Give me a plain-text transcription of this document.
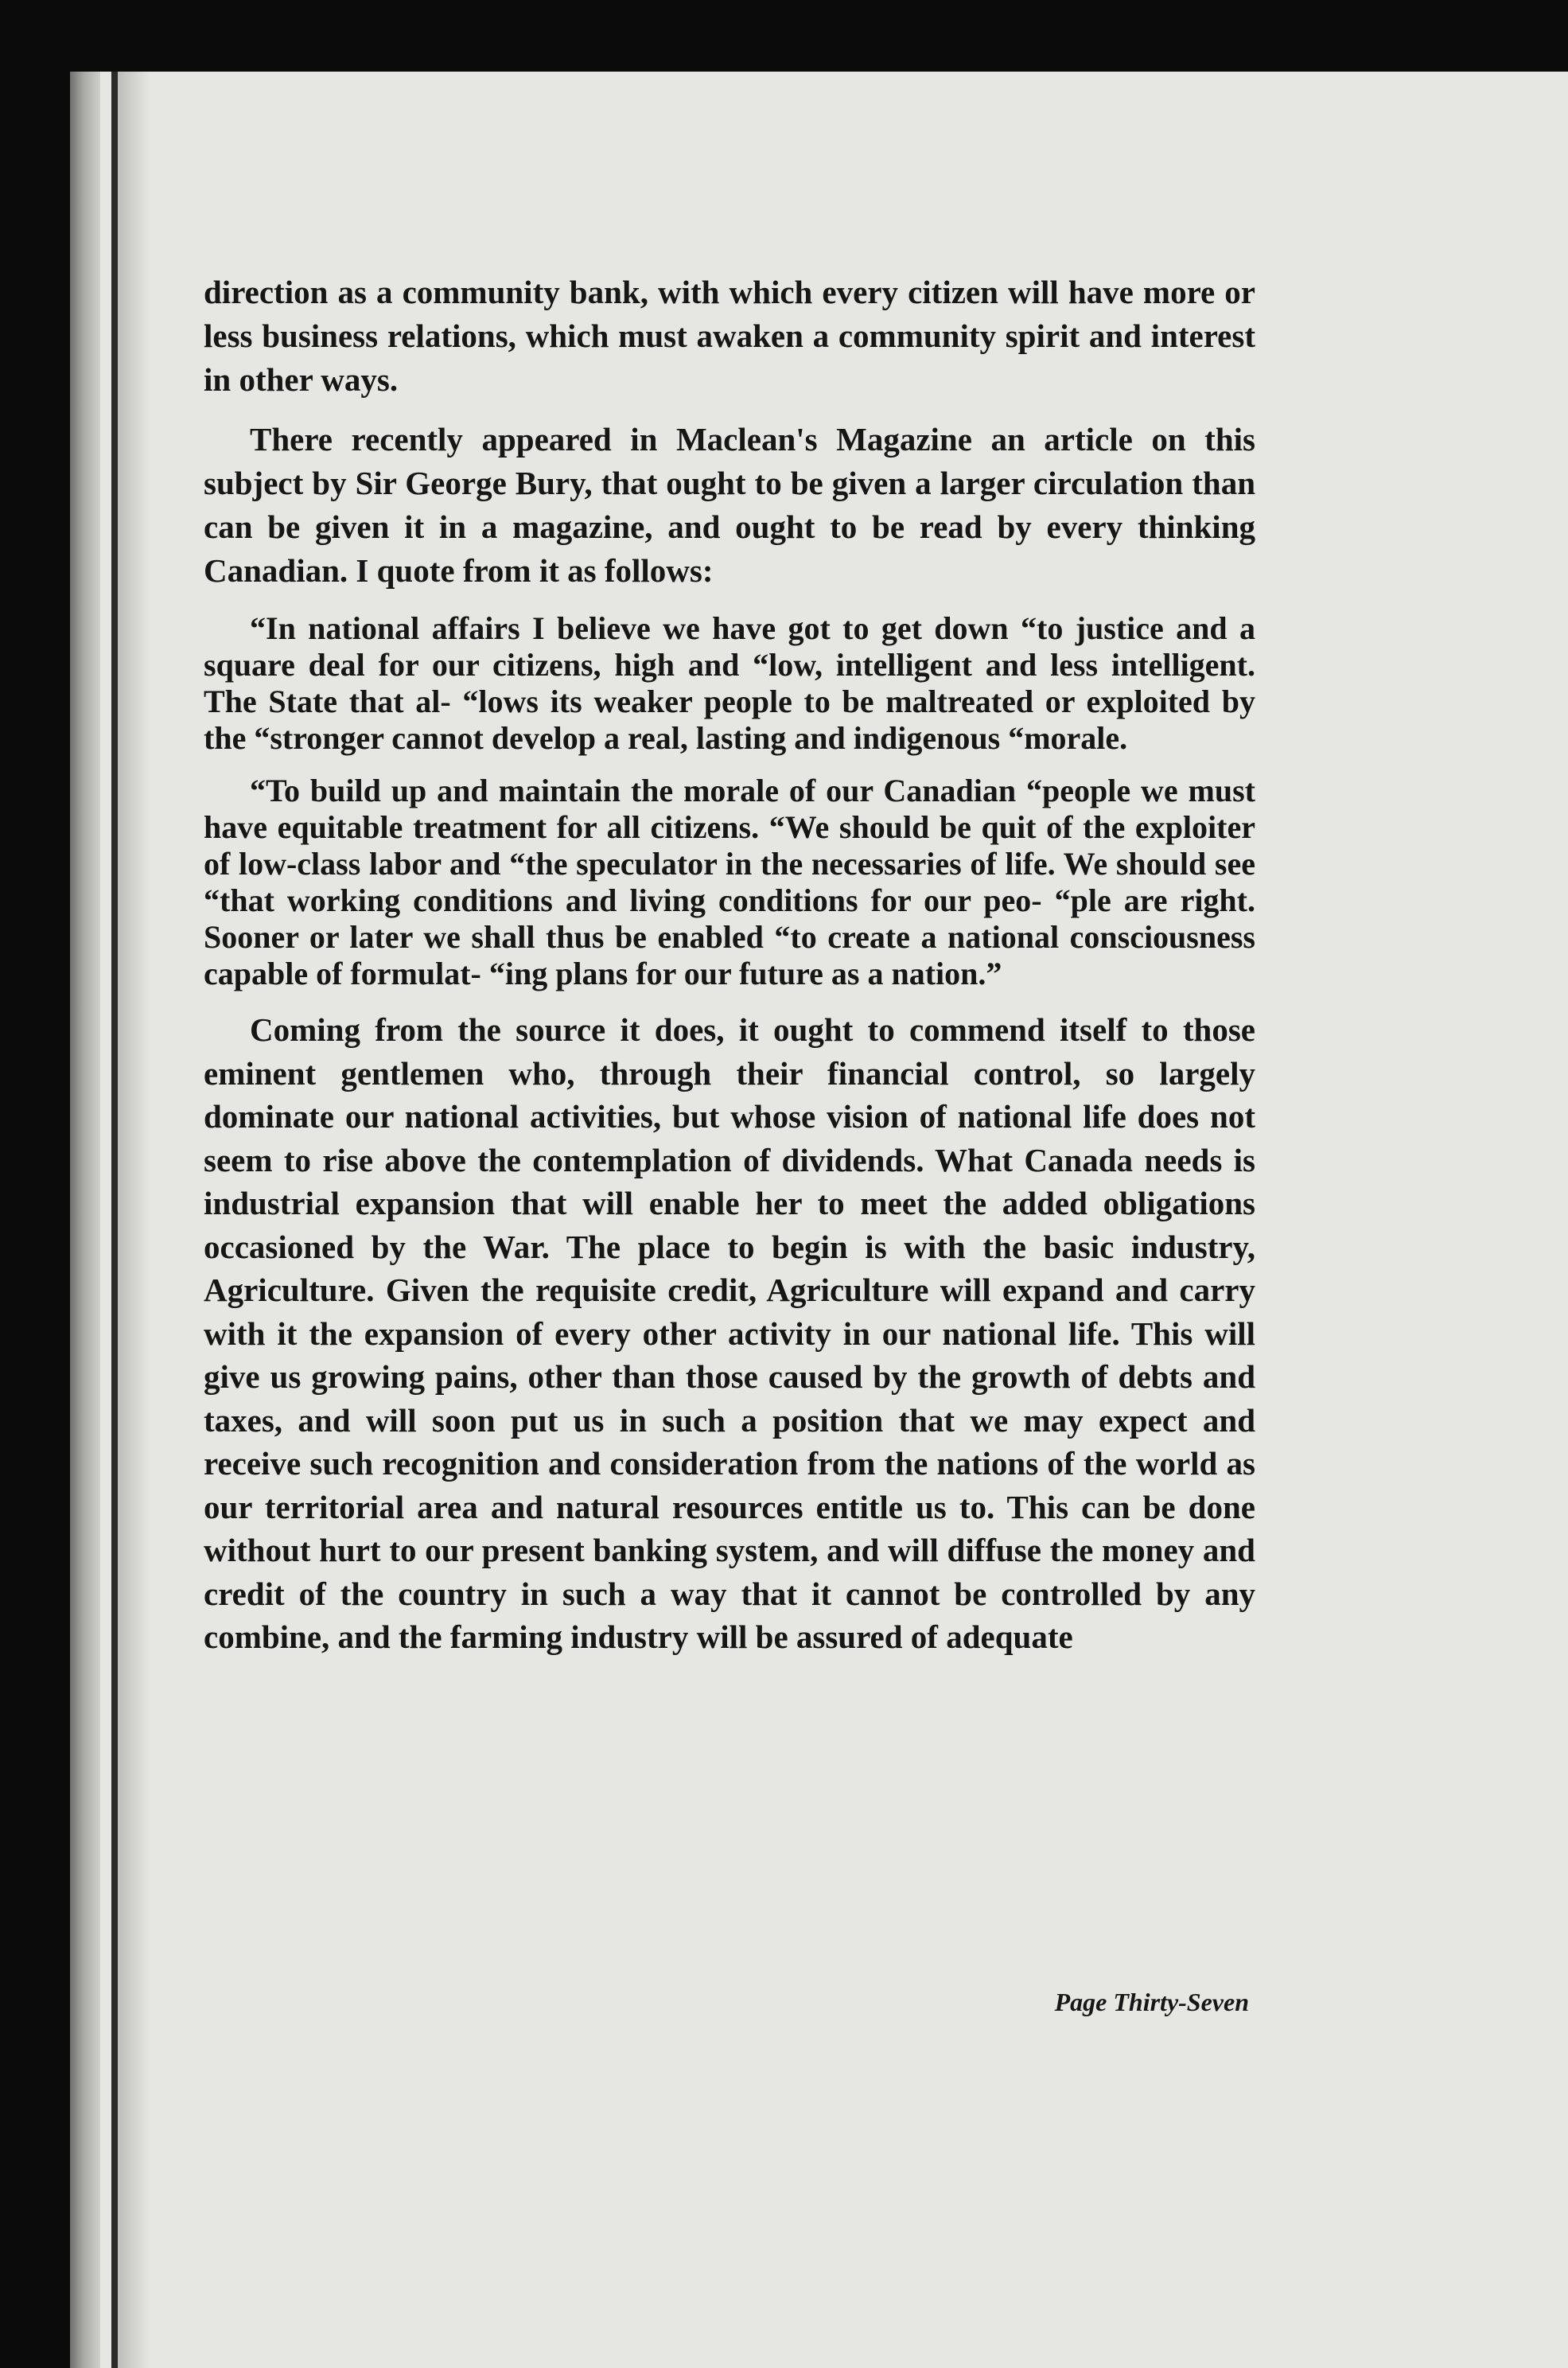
direction as a community bank, with which every citizen will have more or less business relations, which must awaken a community spirit and interest in other ways.

There recently appeared in Maclean's Magazine an article on this subject by Sir George Bury, that ought to be given a larger circulation than can be given it in a magazine, and ought to be read by every thinking Canadian. I quote from it as follows:

“In national affairs I believe we have got to get down “to justice and a square deal for our citizens, high and “low, intelligent and less intelligent. The State that al- “lows its weaker people to be maltreated or exploited by the “stronger cannot develop a real, lasting and indigenous “morale.

“To build up and maintain the morale of our Canadian “people we must have equitable treatment for all citizens. “We should be quit of the exploiter of low-class labor and “the speculator in the necessaries of life. We should see “that working conditions and living conditions for our peo- “ple are right. Sooner or later we shall thus be enabled “to create a national consciousness capable of formulat- “ing plans for our future as a nation.”

Coming from the source it does, it ought to commend itself to those eminent gentlemen who, through their financial control, so largely dominate our national activities, but whose vision of national life does not seem to rise above the contemplation of dividends. What Canada needs is industrial expansion that will enable her to meet the added obligations occasioned by the War. The place to begin is with the basic industry, Agriculture. Given the requisite credit, Agriculture will expand and carry with it the expansion of every other activity in our national life. This will give us growing pains, other than those caused by the growth of debts and taxes, and will soon put us in such a position that we may expect and receive such recognition and consideration from the nations of the world as our territorial area and natural resources entitle us to. This can be done without hurt to our present banking system, and will diffuse the money and credit of the country in such a way that it cannot be controlled by any combine, and the farming industry will be assured of adequate

Page Thirty-Seven
